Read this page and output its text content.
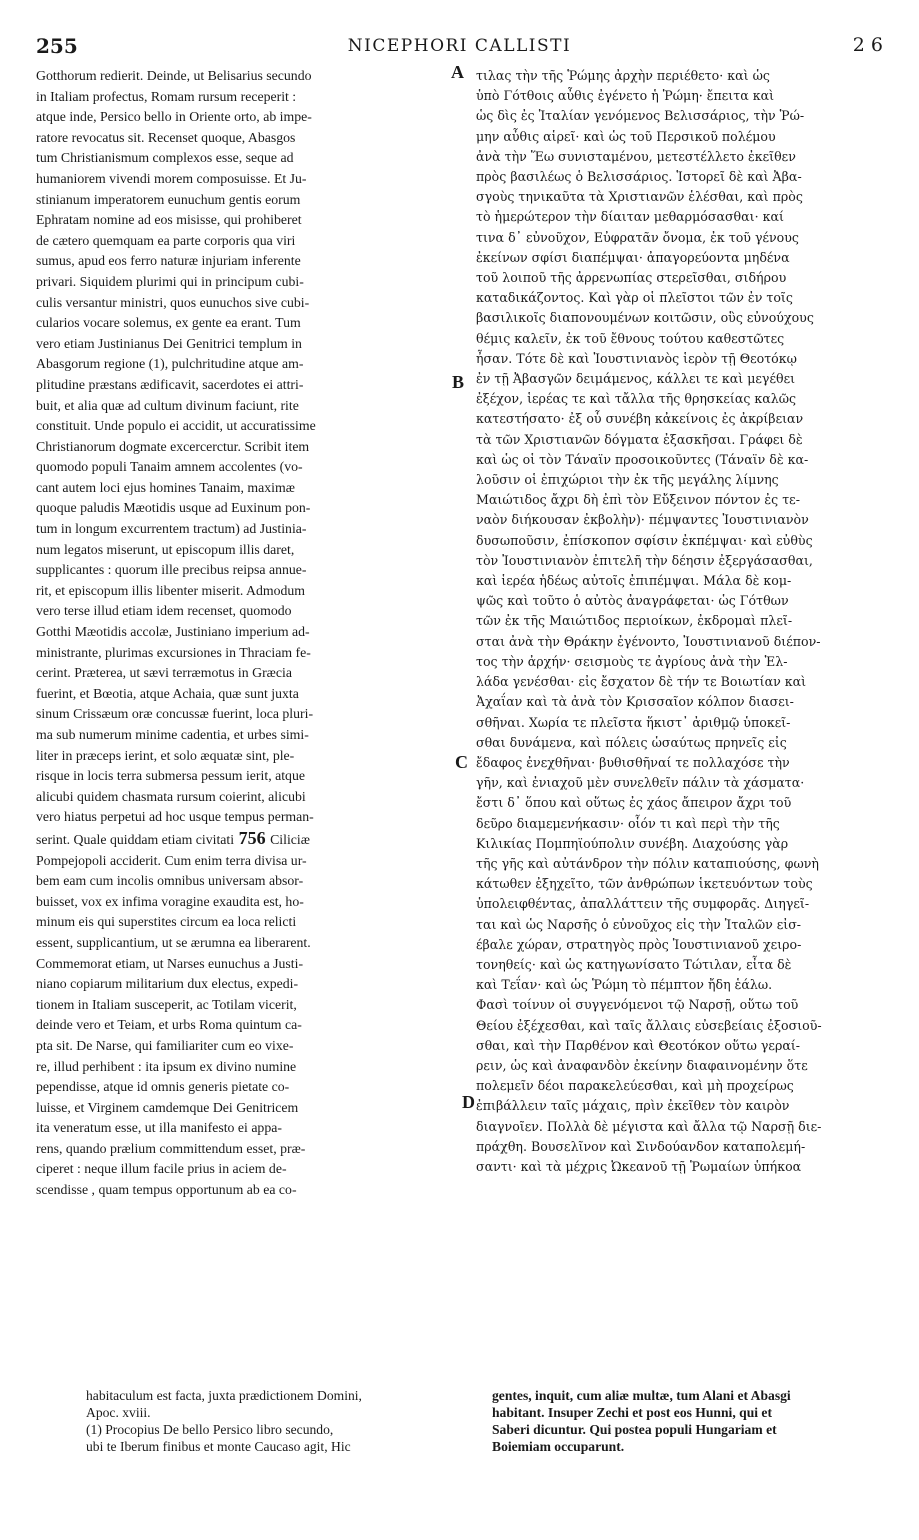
255	NICEPHORI CALLISTI	2 6
Gotthorum redierit. Deinde, ut Belisarius secundo
in Italiam profectus, Romam rursum receperit :
atque inde, Persico bello in Oriente orto, ab impe-
ratore revocatus sit. Recenset quoque, Abasgos
tum Christianismum complexos esse, seque ad
humaniorem vivendi morem composuisse. Et Ju-
stinianum imperatorem eunuchum gentis eorum
Ephratam nomine ad eos misisse, qui prohiberet
de cætero quemquam ea parte corporis qua viri
sumus, apud eos ferro naturæ injuriam inferente
privari. Siquidem plurimi qui in principum cubi-
culis versantur ministri, quos eunuchos sive cubi-
cularios vocare solemus, ex gente ea erant. Tum
vero etiam Justinianus Dei Genitrici templum in
Abasgorum regione (1), pulchritudine atque am-
plitudine præstans ædificavit, sacerdotes ei attri-
buit, et alia quæ ad cultum divinum faciunt, rite
constituit. Unde populo ei accidit, ut accuratissime
Christianorum dogmate excercerctur. Scribit item
quomodo populi Tanaim amnem accolentes (vo-
cant autem loci ejus homines Tanaim, maximæ
quoque paludis Mæotidis usque ad Euxinum pon-
tum in longum excurrentem tractum) ad Justinia-
num legatos miserunt, ut episcopum illis daret,
supplicantes : quorum ille precibus reipsa annue-
rit, et episcopum illis libenter miserit. Admodum
vero terse illud etiam idem recenset, quomodo
Gotthi Mæotidis accolæ, Justiniano imperium ad-
ministrante, plurimas excursiones in Thraciam fe-
cerint. Præterea, ut sævi terræmotus in Græcia
fuerint, et Bœotia, atque Achaia, quæ sunt juxta
sinum Crissæum oræ concussæ fuerint, loca pluri-
ma sub numerum minime cadentia, et urbes simi-
liter in præceps ierint, et solo æquatæ sint, ple-
risque in locis terra submersa pessum ierit, atque
alicubi quidem chasmata rursum coierint, alicubi
vero hiatus perpetui ad hoc usque tempus perman-
serint. Quale quiddam etiam civitati 756 Ciliciæ
Pompejopoli acciderit. Cum enim terra divisa ur-
bem eam cum incolis omnibus universam absor-
buisset, vox ex infima voragine exaudita est, ho-
minum eis qui superstites circum ea loca relicti
essent, supplicantium, ut se ærumna ea liberarent.
Commemorat etiam, ut Narses eunuchus a Justi-
niano copiarum militarium dux electus, expedi-
tionem in Italiam susceperit, ac Totilam vicerit,
deinde vero et Teiam, et urbs Roma quintum ca-
pta sit. De Narse, qui familiariter cum eo vixe-
re, illud perhibent : ita ipsum ex divino numine
pependisse, atque id omnis generis pietate co-
luisse, et Virginem camdemque Dei Genitricem
ita veneratum esse, ut illa manifesto ei appa-
rens, quando prælium committendum esset, præ-
ciperet : neque illum facile prius in aciem de-
scendisse , quam tempus opportunum ab ea co-
τιλας τὴν τῆς Ῥώμης ἀρχὴν περιέθετο· καὶ ὡς
ὑπὸ Γότθοις αὖθις ἐγένετο ἡ Ῥώμη· ἔπειτα καὶ
ὡς δὶς ἐς Ἰταλίαν γενόμενος Βελισσάριος, τὴν Ῥώ-
μην αὖθις αἱρεῖ· καὶ ὡς τοῦ Περσικοῦ πολέμου
ἀνὰ τὴν Ἕω συνισταμένου, μετεστέλλετο ἐκεῖθεν
πρὸς βασιλέως ὁ Βελισσάριος. Ἱστορεῖ δὲ καὶ Ἀβα-
σγοὺς τηνικαῦτα τὰ Χριστιανῶν ἑλέσθαι, καὶ πρὸς
τὸ ἡμερώτερον τὴν δίαιταν μεθαρμόσασθαι· καί
τινα δ᾽ εὐνοῦχον, Εὐφρατᾶν ὄνομα, ἐκ τοῦ γένους
ἐκείνων σφίσι διαπέμψαι· ἀπαγορεύοντα μηδένα
τοῦ λοιποῦ τῆς ἀρρενωπίας στερεῖσθαι, σιδήρου
καταδικάζοντος. Καὶ γὰρ οἱ πλεῖστοι τῶν ἐν τοῖς
βασιλικοῖς διαπονουμένων κοιτῶσιν, οὓς εὐνούχους
θέμις καλεῖν, ἐκ τοῦ ἔθνους τούτου καθεστῶτες
ἦσαν. Τότε δὲ καὶ Ἰουστινιανὸς ἱερὸν τῇ Θεοτόκῳ
ἐν τῇ Ἀβασγῶν δειμάμενος, κάλλει τε καὶ μεγέθει
ἐξέχον, ἱερέας τε καὶ τἄλλα τῆς θρησκείας καλῶς
κατεστήσατο· ἐξ οὗ συνέβη κἀκείνοις ἐς ἀκρίβειαν
τὰ τῶν Χριστιανῶν δόγματα ἐξασκῆσαι. Γράφει δὲ
καὶ ὡς οἱ τὸν Τάναϊν προσοικοῦντες (Τάναϊν δὲ κα-
λοῦσιν οἱ ἐπιχώριοι τὴν ἐκ τῆς μεγάλης λίμνης
Μαιώτιδος ἄχρι δὴ ἐπὶ τὸν Εὔξεινον πόντον ἐς τε-
ναὸν διήκουσαν ἐκβολὴν)· πέμψαντες Ἰουστινιανὸν
δυσωποῦσιν, ἐπίσκοπον σφίσιν ἐκπέμψαι· καὶ εὐθὺς
τὸν Ἰουστινιανὸν ἐπιτελῆ τὴν δέησιν ἐξεργάσασθαι,
καὶ ἱερέα ἡδέως αὐτοῖς ἐπιπέμψαι. Μάλα δὲ κομ-
ψῶς καὶ τοῦτο ὁ αὐτὸς ἀναγράφεται· ὡς Γότθων
τῶν ἐκ τῆς Μαιώτιδος περιοίκων, ἐκδρομαὶ πλεῖ-
σται ἀνὰ τὴν Θράκην ἐγένοντο, Ἰουστινιανοῦ διέπον-
τος τὴν ἀρχήν· σεισμοὺς τε ἀγρίους ἀνὰ τὴν Ἑλ-
λάδα γενέσθαι· εἰς ἔσχατον δὲ τήν τε Βοιωτίαν καὶ
Ἀχαΐαν καὶ τὰ ἀνὰ τὸν Κρισσαῖον κόλπον διασει-
σθῆναι. Χωρία τε πλεῖστα ἥκιστ᾽ ἀριθμῷ ὑποκεῖ-
σθαι δυνάμενα, καὶ πόλεις ὡσαύτως πρηνεῖς εἰς
ἔδαφος ἐνεχθῆναι· βυθισθῆναί τε πολλαχόσε τὴν
γῆν, καὶ ἐνιαχοῦ μὲν συνελθεῖν πάλιν τὰ χάσματα·
ἔστι δ᾽ ὅπου καὶ οὕτως ἐς χάος ἄπειρον ἄχρι τοῦ
δεῦρο διαμεμενήκασιν· οἷόν τι καὶ περὶ τὴν τῆς
Κιλικίας Πομπηϊούπολιν συνέβη. Διαχούσης γὰρ
τῆς γῆς καὶ αὐτάνδρον τὴν πόλιν καταπιούσης, φωνὴ
κάτωθεν ἐξηχεῖτο, τῶν ἀνθρώπων ἱκετευόντων τοὺς
ὑπολειφθέντας, ἀπαλλάττειν τῆς συμφορᾶς. Διηγεῖ-
ται καὶ ὡς Ναρσῆς ὁ εὐνοῦχος εἰς τὴν Ἰταλῶν εἰσ-
έβαλε χώραν, στρατηγὸς πρὸς Ἰουστινιανοῦ χειρο-
τονηθείς· καὶ ὡς κατηγωνίσατο Τώτιλαν, εἶτα δὲ
καὶ Τεΐαν· καὶ ὡς Ῥώμη τὸ πέμπτον ἤδη ἑάλω.
Φασὶ τοίνυν οἱ συγγενόμενοι τῷ Ναρσῇ, οὕτω τοῦ
Θείου ἐξέχεσθαι, καὶ ταῖς ἄλλαις εὐσεβείαις ἐξοσιοῦ-
σθαι, καὶ τὴν Παρθένον καὶ Θεοτόκον οὕτω γεραί-
ρειν, ὡς καὶ ἀναφανδὸν ἐκείνην διαφαινομένην ὅτε
πολεμεῖν δέοι παρακελεύεσθαι, καὶ μὴ προχείρως
ἐπιβάλλειν ταῖς μάχαις, πρὶν ἐκεῖθεν τὸν καιρὸν
διαγνοῖεν. Πολλὰ δὲ μέγιστα καὶ ἄλλα τῷ Ναρσῇ διε-
πράχθη. Βουσελῖνον καὶ Σινδούανδον καταπολεμή-
σαντι· καὶ τὰ μέχρις Ὠκεανοῦ τῇ Ῥωμαίων ὑπήκοα
A
B
C
D
habitaculum est facta, juxta prædictionem Domini,
Apoc. xviii.
(1) Procopius De bello Persico libro secundo,
ubi te Iberum finibus et monte Caucaso agit, Hic
gentes, inquit, cum aliæ multæ, tum Alani et Abasgi
habitant. Insuper Zechi et post eos Hunni, qui et
Saberi dicuntur. Qui postea populi Hungariam et
Boiemiam occuparunt.
